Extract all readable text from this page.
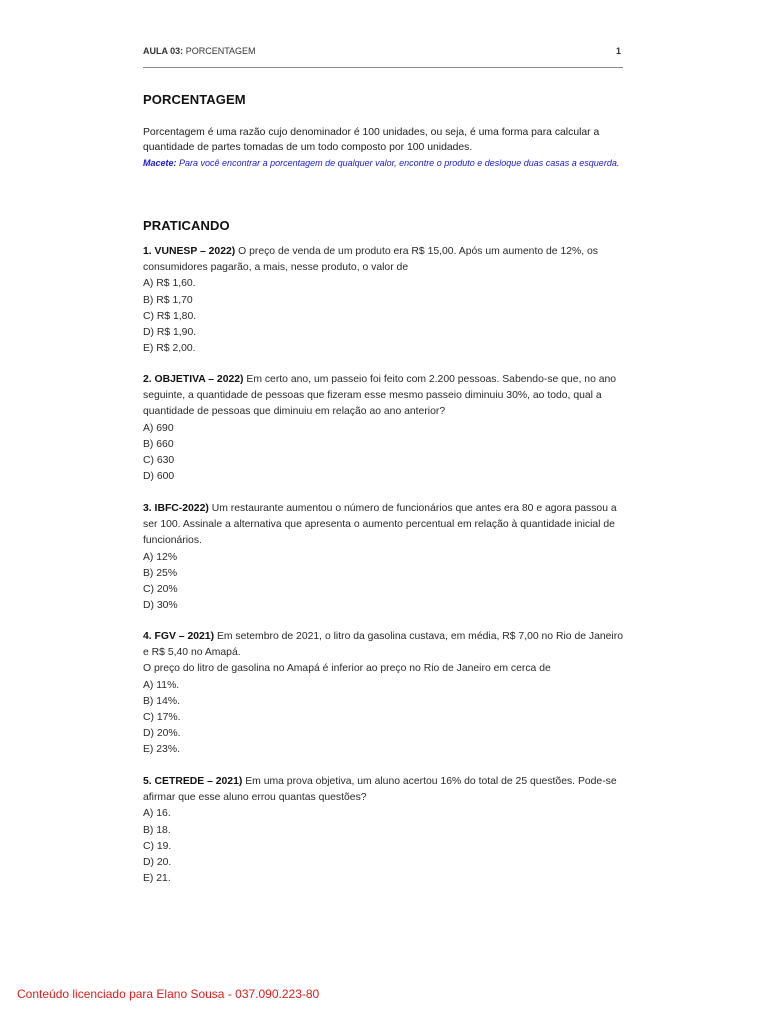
AULA 03: PORCENTAGEM	1
PORCENTAGEM

Porcentagem é uma razão cujo denominador é 100 unidades, ou seja, é uma forma para calcular a quantidade de partes tomadas de um todo composto por 100 unidades.

Macete: Para você encontrar a porcentagem de qualquer valor, encontre o produto e desloque duas casas a esquerda.

PRATICANDO

1. VUNESP – 2022) O preço de venda de um produto era R$ 15,00. Após um aumento de 12%, os consumidores pagarão, a mais, nesse produto, o valor de

A) R$ 1,60.
B) R$ 1,70
C) R$ 1,80.
D) R$ 1,90.
E) R$ 2,00.

2. OBJETIVA – 2022) Em certo ano, um passeio foi feito com 2.200 pessoas. Sabendo-se que, no ano seguinte, a quantidade de pessoas que fizeram esse mesmo passeio diminuiu 30%, ao todo, qual a quantidade de pessoas que diminuiu em relação ao ano anterior?

A) 690
B) 660
C) 630
D) 600

3. IBFC-2022) Um restaurante aumentou o número de funcionários que antes era 80 e agora passou a ser 100. Assinale a alternativa que apresenta o aumento percentual em relação à quantidade inicial de funcionários.

A) 12%
B) 25%
C) 20%
D) 30%

4. FGV – 2021) Em setembro de 2021, o litro da gasolina custava, em média, R$ 7,00 no Rio de Janeiro e R$ 5,40 no Amapá.

O preço do litro de gasolina no Amapá é inferior ao preço no Rio de Janeiro em cerca de

A) 11%.
B) 14%.
C) 17%.
D) 20%.
E) 23%.

5. CETREDE – 2021) Em uma prova objetiva, um aluno acertou 16% do total de 25 questões. Pode-se afirmar que esse aluno errou quantas questões?

A) 16.
B) 18.
C) 19.
D) 20.
E) 21.
Conteúdo licenciado para Elano Sousa - 037.090.223-80
